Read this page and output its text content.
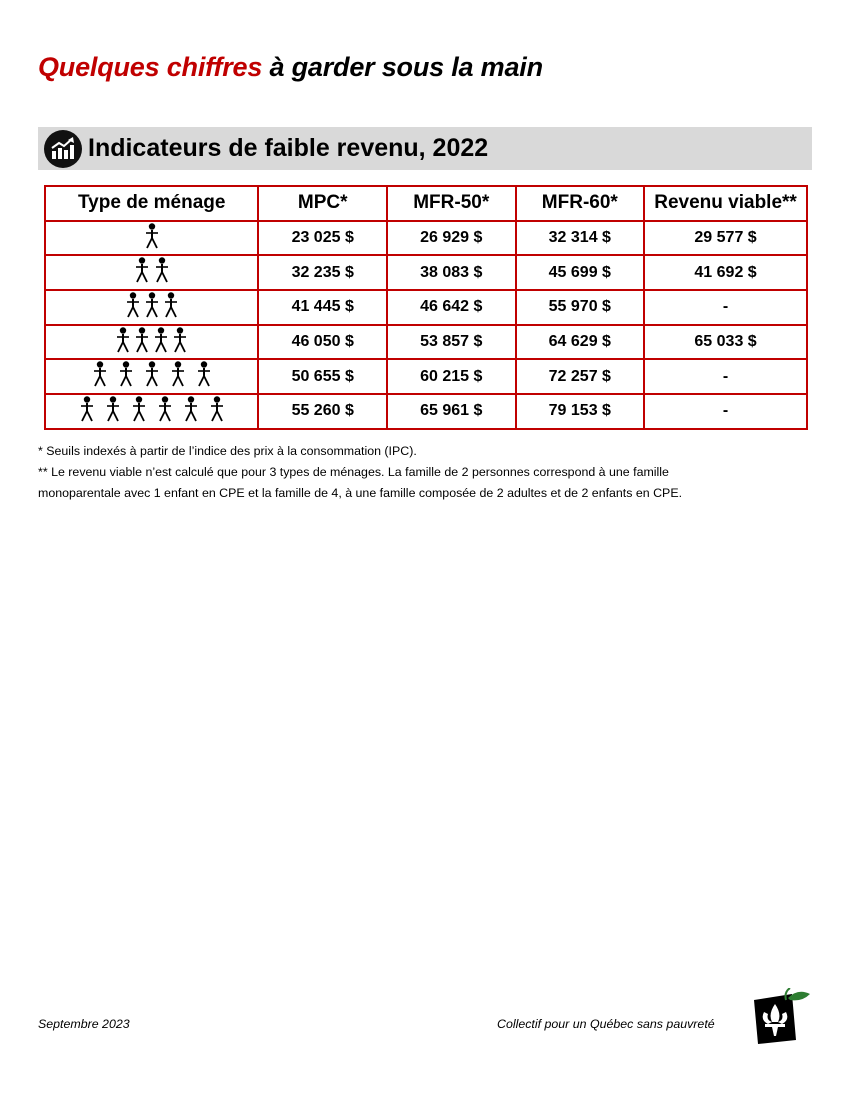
Quelques chiffres à garder sous la main
Indicateurs de faible revenu, 2022
Type de ménage	MPC*	MFR-50*	MFR-60*	Revenu viable**

	23 025 $	26 929 $	32 314 $	29 577 $

	32 235 $	38 083 $	45 699 $	41 692 $

	41 445 $	46 642 $	55 970 $	-

	46 050 $	53 857 $	64 629 $	65 033 $

	50 655 $	60 215 $	72 257 $	-

	55 260 $	65 961 $	79 153 $	-

* Seuils indexés à partir de l’indice des prix à la consommation (IPC).

** Le revenu viable n’est calculé que pour 3 types de ménages. La famille de 2 personnes correspond à une famille

monoparentale avec 1 enfant en CPE et la famille de 4, à une famille composée de 2 adultes et de 2 enfants en CPE.

Septembre 2023	Collectif pour un Québec sans pauvreté
